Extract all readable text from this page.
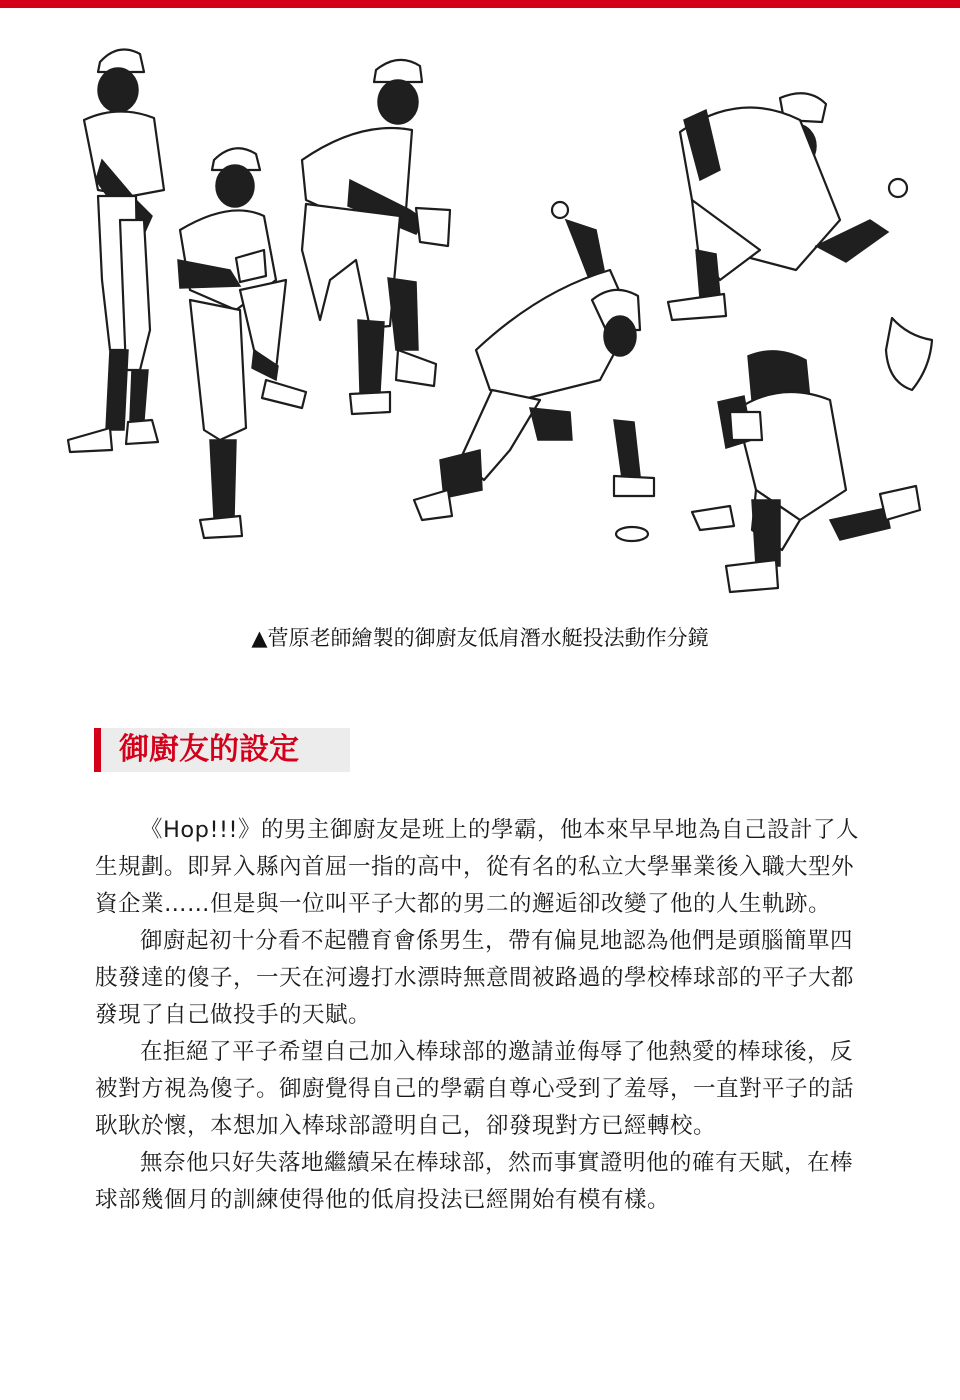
▲菅原老師繪製的御廚友低肩潛水艇投法動作分鏡
御廚友的設定

《Hop!!!》的男主御廚友是班上的學霸，他本來早早地為自己設計了人生規劃。即昇入縣內首屈一指的高中，從有名的私立大學畢業後入職大型外資企業……但是與一位叫平子大都的男二的邂逅卻改變了他的人生軌跡。

御廚起初十分看不起體育會係男生，帶有偏見地認為他們是頭腦簡單四肢發達的傻子，一天在河邊打水漂時無意間被路過的學校棒球部的平子大都發現了自己做投手的天賦。

在拒絕了平子希望自己加入棒球部的邀請並侮辱了他熱愛的棒球後，反被對方視為傻子。御廚覺得自己的學霸自尊心受到了羞辱，一直對平子的話耿耿於懷，本想加入棒球部證明自己，卻發現對方已經轉校。

無奈他只好失落地繼續呆在棒球部，然而事實證明他的確有天賦，在棒球部幾個月的訓練使得他的低肩投法已經開始有模有樣。
